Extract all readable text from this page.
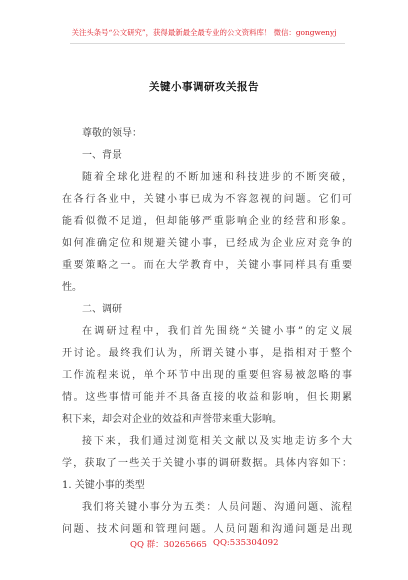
关注头条号“公文研究”，获得最新最全最专业的公文资料库！ 微信：gongwenyj
关键小事调研攻关报告
尊敬的领导：
一、背景
随着全球化进程的不断加速和科技进步的不断突破，
在各行各业中，关键小事已成为不容忽视的问题。它们可
能看似微不足道，但却能够严重影响企业的经营和形象。
如何准确定位和规避关键小事，已经成为企业应对竞争的
重要策略之一。而在大学教育中，关键小事同样具有重要
性。
二、调研
在调研过程中，我们首先围绕“关键小事”的定义展
开讨论。最终我们认为，所谓关键小事，是指相对于整个
工作流程来说，单个环节中出现的重要但容易被忽略的事
情。这些事情可能并不具备直接的收益和影响，但长期累
积下来，却会对企业的效益和声誉带来重大影响。
接下来，我们通过浏览相关文献以及实地走访多个大
学，获取了一些关于关键小事的调研数据。具体内容如下：
1. 关键小事的类型
我们将关键小事分为五类：人员问题、沟通问题、流程
问题、技术问题和管理问题。人员问题和沟通问题是出现
QQ 群：30265665 QQ:535304092
